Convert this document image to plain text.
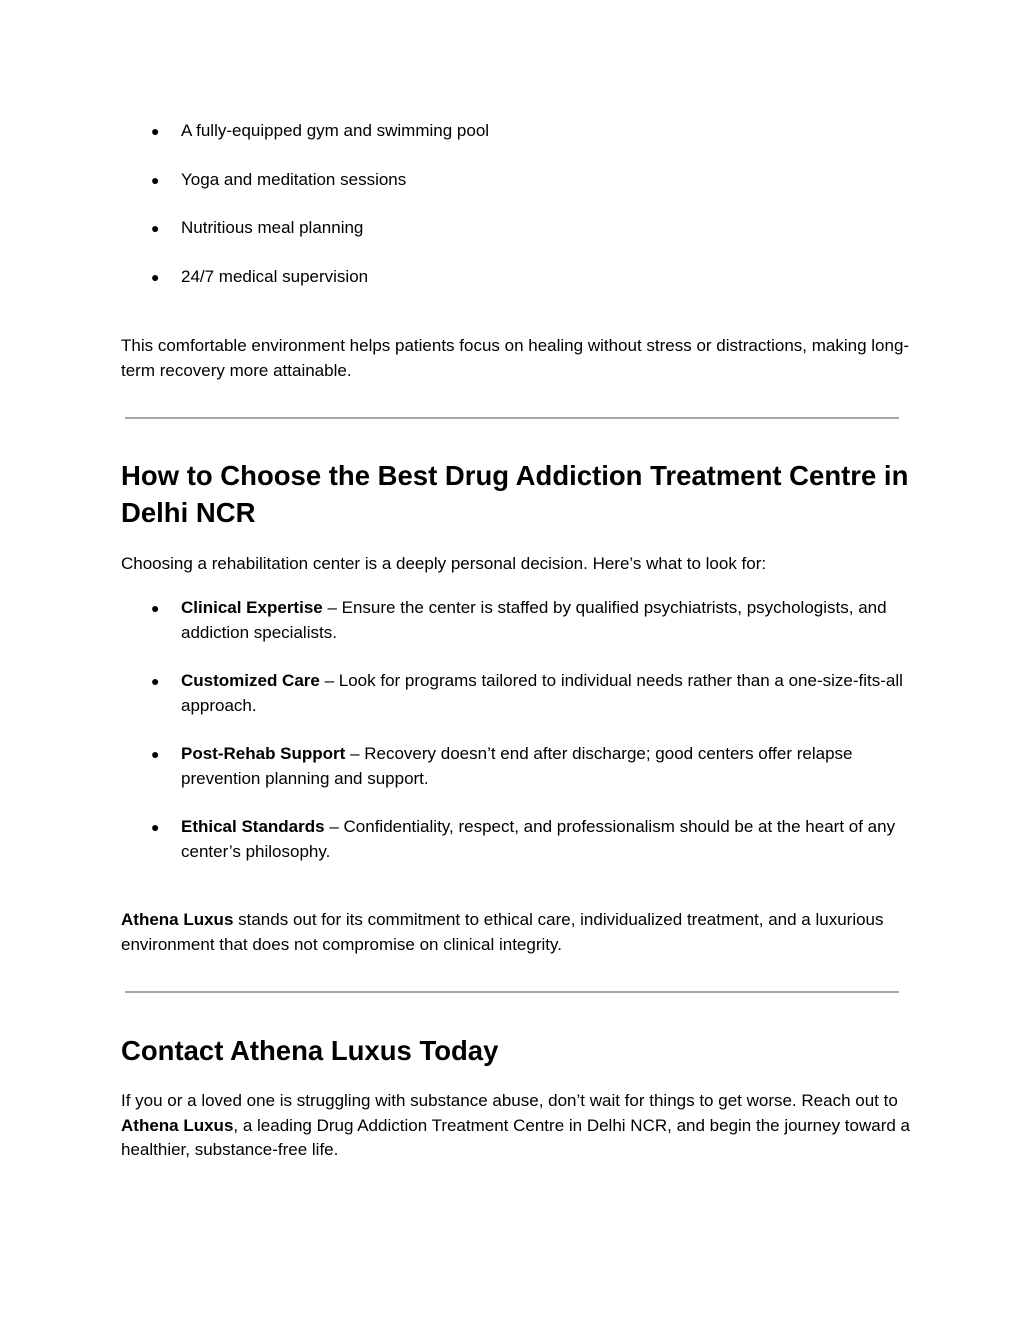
● A fully-equipped gym and swimming pool
● Yoga and meditation sessions
● Nutritious meal planning
● 24/7 medical supervision

This comfortable environment helps patients focus on healing without stress or distractions, making long-term recovery more attainable.

How to Choose the Best Drug Addiction Treatment Centre in Delhi NCR

Choosing a rehabilitation center is a deeply personal decision. Here’s what to look for:

● Clinical Expertise – Ensure the center is staffed by qualified psychiatrists, psychologists, and addiction specialists.
● Customized Care – Look for programs tailored to individual needs rather than a one-size-fits-all approach.
● Post-Rehab Support – Recovery doesn’t end after discharge; good centers offer relapse prevention planning and support.
● Ethical Standards – Confidentiality, respect, and professionalism should be at the heart of any center’s philosophy.

Athena Luxus stands out for its commitment to ethical care, individualized treatment, and a luxurious environment that does not compromise on clinical integrity.

Contact Athena Luxus Today

If you or a loved one is struggling with substance abuse, don’t wait for things to get worse. Reach out to Athena Luxus, a leading Drug Addiction Treatment Centre in Delhi NCR, and begin the journey toward a healthier, substance-free life.
